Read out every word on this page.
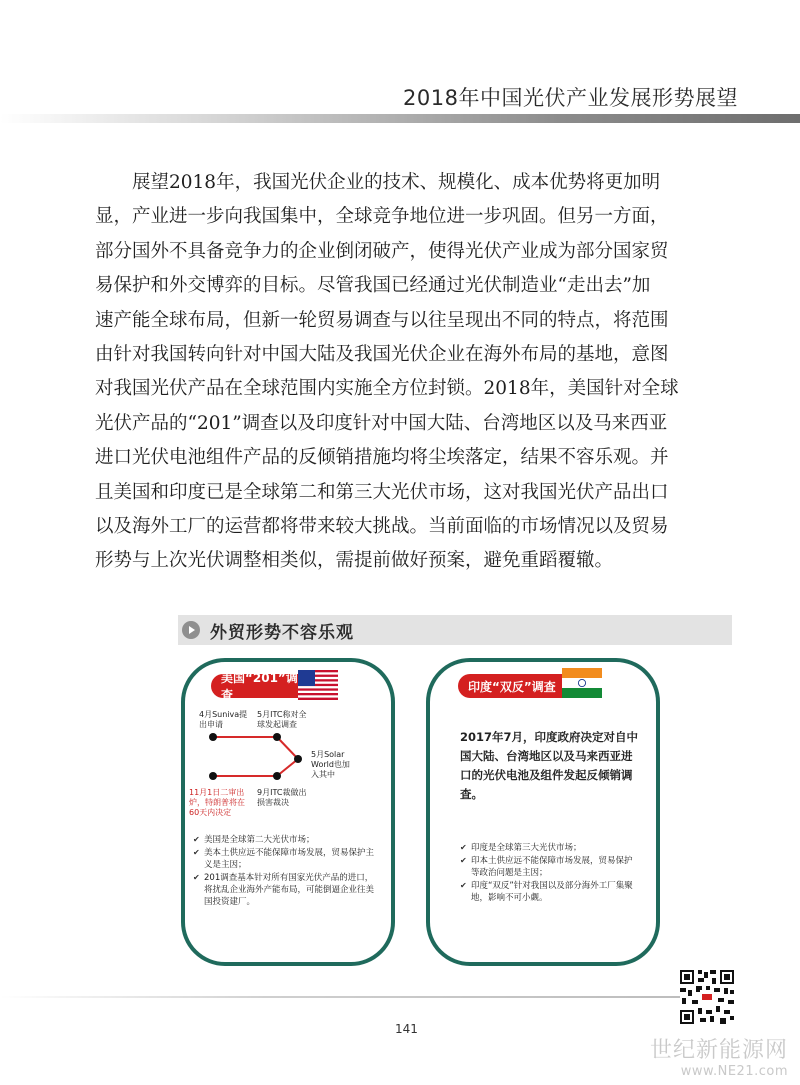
2018年中国光伏产业发展形势展望

展望2018年，我国光伏企业的技术、规模化、成本优势将更加明

显，产业进一步向我国集中，全球竞争地位进一步巩固。但另一方面，

部分国外不具备竞争力的企业倒闭破产，使得光伏产业成为部分国家贸

易保护和外交博弈的目标。尽管我国已经通过光伏制造业“走出去”加

速产能全球布局，但新一轮贸易调查与以往呈现出不同的特点，将范围

由针对我国转向针对中国大陆及我国光伏企业在海外布局的基地，意图

对我国光伏产品在全球范围内实施全方位封锁。2018年，美国针对全球

光伏产品的“201”调查以及印度针对中国大陆、台湾地区以及马来西亚

进口光伏电池组件产品的反倾销措施均将尘埃落定，结果不容乐观。并

且美国和印度已是全球第二和第三大光伏市场，这对我国光伏产品出口

以及海外工厂的运营都将带来较大挑战。当前面临的市场情况以及贸易

形势与上次光伏调整相类似，需提前做好预案，避免重蹈覆辙。

外贸形势不容乐观
美国“201”调查
4月Suniva提出申请
5月ITC称对全球发起调查
5月Solar World也加入其中
9月ITC裁做出损害裁决
11月1日二审出炉，特朗普将在60天内决定
✔ 美国是全球第二大光伏市场；
✔ 美本土供应远不能保障市场发展，贸易保护主义是主因；
✔ 201调查基本针对所有国家光伏产品的进口，将扰乱企业海外产能布局，可能倒逼企业往美国投资建厂。
印度“双反”调查
2017年7月，印度政府决定对自中国大陆、台湾地区以及马来西亚进口的光伏电池及组件发起反倾销调查。
✔ 印度是全球第三大光伏市场；
✔ 印本土供应远不能保障市场发展，贸易保护等政治问题是主因；
✔ 印度“双反”针对我国以及部分海外工厂集聚地，影响不可小觑。
141
世纪新能源网
www.NE21.com
